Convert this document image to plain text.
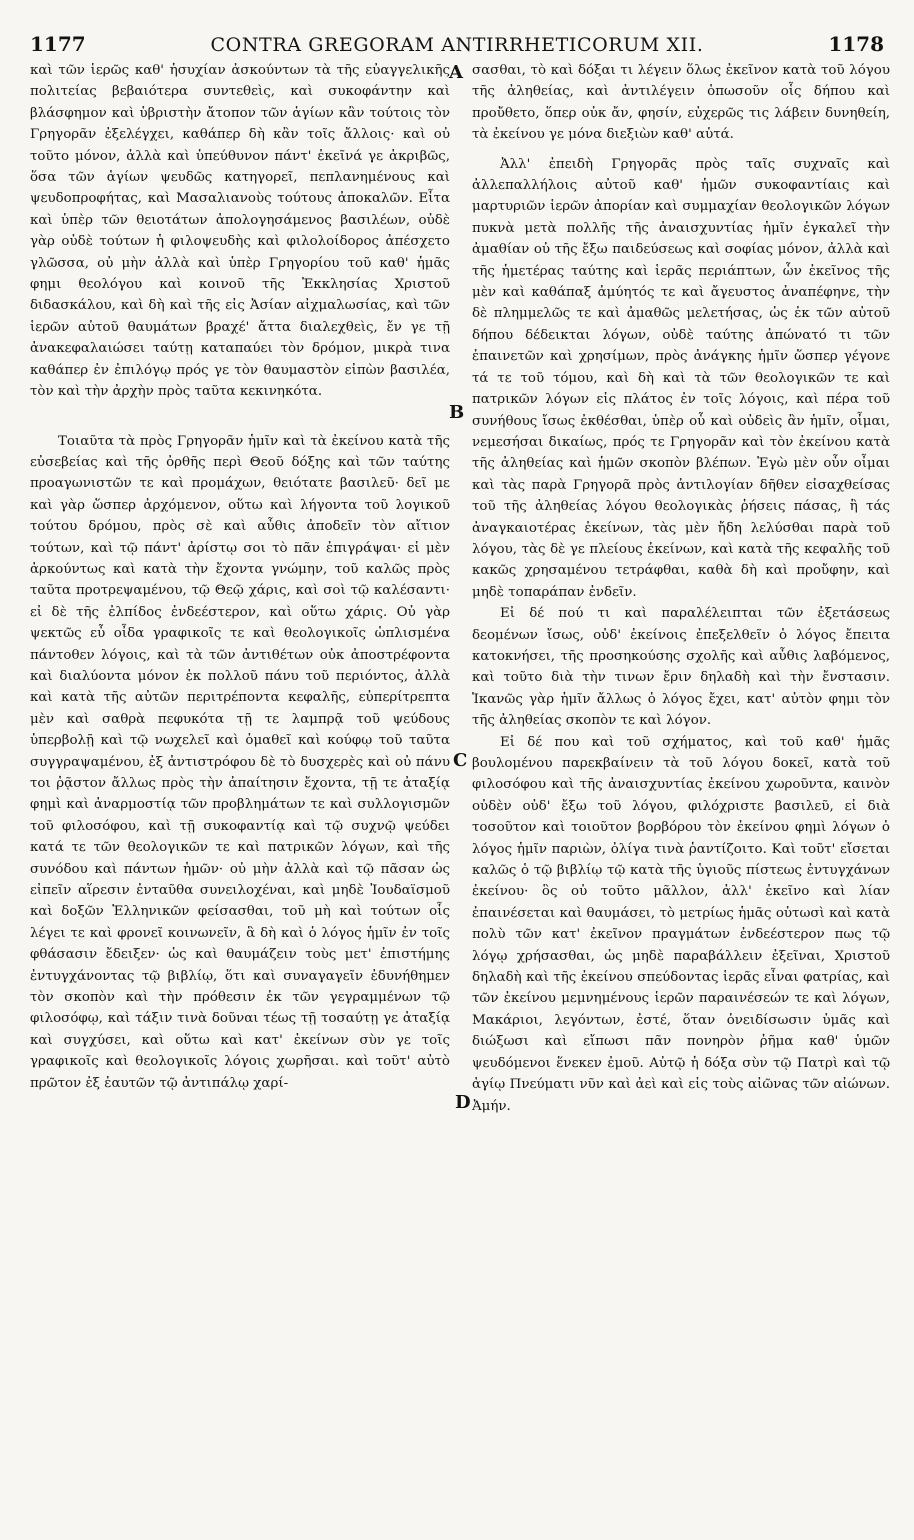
1177	CONTRA GREGORAM ANTIRRHETICORUM XII.	1178

καὶ τῶν ἱερῶς καθ' ἡσυχίαν ἀσκούντων τὰ τῆς εὐαγγελικῆς πολιτείας βεβαιότερα συντεθεὶς, καὶ συκοφάντην καὶ βλάσφημον καὶ ὑβριστὴν ἄτοπον τῶν ἁγίων κἂν τούτοις τὸν Γρηγορᾶν ἐξελέγχει, καθάπερ δὴ κἂν τοῖς ἄλλοις· καὶ οὐ τοῦτο μόνον, ἀλλὰ καὶ ὑπεύθυνον πάντ' ἐκεῖνά γε ἀκριβῶς, ὅσα τῶν ἁγίων ψευδῶς κατηγορεῖ, πεπλανημένους καὶ ψευδοπροφήτας, καὶ Μασαλιανοὺς τούτους ἀποκαλῶν. Εἶτα καὶ ὑπὲρ τῶν θειοτάτων ἀπολογησάμενος βασιλέων, οὐδὲ γὰρ οὐδὲ τούτων ἡ φιλοψευδὴς καὶ φιλολοίδορος ἀπέσχετο γλῶσσα, οὐ μὴν ἀλλὰ καὶ ὑπὲρ Γρηγορίου τοῦ καθ' ἡμᾶς φημι θεολόγου καὶ κοινοῦ τῆς Ἐκκλησίας Χριστοῦ διδασκάλου, καὶ δὴ καὶ τῆς εἰς Ἀσίαν αἰχμαλωσίας, καὶ τῶν ἱερῶν αὐτοῦ θαυμάτων βραχέ' ἄττα διαλεχθεὶς, ἔν γε τῇ ἀνακεφαλαιώσει ταύτῃ καταπαύει τὸν δρόμον, μικρὰ τινα καθάπερ ἐν ἐπιλόγῳ πρός γε τὸν θαυμαστὸν εἰπὼν βασιλέα, τὸν καὶ τὴν ἀρχὴν πρὸς ταῦτα κεκινηκότα.

Τοιαῦτα τὰ πρὸς Γρηγορᾶν ἡμῖν καὶ τὰ ἐκείνου κατὰ τῆς εὐσεβείας καὶ τῆς ὀρθῆς περὶ Θεοῦ δόξης καὶ τῶν ταύτης προαγωνιστῶν τε καὶ προμάχων, θειότατε βασιλεῦ· δεῖ με καὶ γὰρ ὥσπερ ἀρχόμενον, οὕτω καὶ λήγοντα τοῦ λογικοῦ τούτου δρόμου, πρὸς σὲ καὶ αὖθις ἀποδεῖν τὸν αἴτιον τούτων, καὶ τῷ πάντ' ἀρίστῳ σοι τὸ πᾶν ἐπιγράψαι· εἰ μὲν ἀρκούντως καὶ κατὰ τὴν ἔχοντα γνώμην, τοῦ καλῶς πρὸς ταῦτα προτρεψαμένου, τῷ Θεῷ χάρις, καὶ σοὶ τῷ καλέσαντι· εἰ δὲ τῆς ἐλπίδος ἐνδεέστερον, καὶ οὕτω χάρις. Οὐ γὰρ ψεκτῶς εὖ οἶδα γραφικοῖς τε καὶ θεολογικοῖς ὡπλισμένα πάντοθεν λόγοις, καὶ τὰ τῶν ἀντιθέτων οὐκ ἀποστρέφοντα καὶ διαλύοντα μόνον ἐκ πολλοῦ πάνυ τοῦ περιόντος, ἀλλὰ καὶ κατὰ τῆς αὐτῶν περιτρέποντα κεφαλῆς, εὐπερίτρεπτα μὲν καὶ σαθρὰ πεφυκότα τῇ τε λαμπρᾷ τοῦ ψεύδους ὑπερβολῇ καὶ τῷ νωχελεῖ καὶ ὀμαθεῖ καὶ κούφῳ τοῦ ταῦτα συγγραψαμένου, ἐξ ἀντιστρόφου δὲ τὸ δυσχερὲς καὶ οὐ πάνυ τοι ῥᾷστον ἄλλως πρὸς τὴν ἀπαίτησιν ἔχοντα, τῇ τε ἀταξίᾳ φημὶ καὶ ἀναρμοστίᾳ τῶν προβλημάτων τε καὶ συλλογισμῶν τοῦ φιλοσόφου, καὶ τῇ συκοφαντίᾳ καὶ τῷ συχνῷ ψεύδει κατά τε τῶν θεολογικῶν τε καὶ πατρικῶν λόγων, καὶ τῆς συνόδου καὶ πάντων ἡμῶν· οὐ μὴν ἀλλὰ καὶ τῷ πᾶσαν ὡς εἰπεῖν αἵρεσιν ἐνταῦθα συνειλοχέναι, καὶ μηδὲ Ἰουδαϊσμοῦ καὶ δοξῶν Ἑλληνικῶν φείσασθαι, τοῦ μὴ καὶ τούτων οἷς λέγει τε καὶ φρονεῖ κοινωνεῖν, ἃ δὴ καὶ ὁ λόγος ἡμῖν ἐν τοῖς φθάσασιν ἔδειξεν· ὡς καὶ θαυμάζειν τοὺς μετ' ἐπιστήμης ἐντυγχάνοντας τῷ βιβλίῳ, ὅτι καὶ συναγαγεῖν ἐδυνήθημεν τὸν σκοπὸν καὶ τὴν πρόθεσιν ἐκ τῶν γεγραμμένων τῷ φιλοσόφῳ, καὶ τάξιν τινὰ δοῦναι τέως τῇ τοσαύτῃ γε ἀταξίᾳ καὶ συγχύσει, καὶ οὕτω καὶ κατ' ἐκείνων σὺν γε τοῖς γραφικοῖς καὶ θεολογικοῖς λόγοις χωρῆσαι. καὶ τοῦτ' αὐτὸ πρῶτον ἐξ ἑαυτῶν τῷ ἀντιπάλῳ χαρί-

A
B
C
D

σασθαι, τὸ καὶ δόξαι τι λέγειν ὅλως ἐκεῖνον κατὰ τοῦ λόγου τῆς ἀληθείας, καὶ ἀντιλέγειν ὁπωσοῦν οἷς δήπου καὶ προὔθετο, ὅπερ οὐκ ἄν, φησίν, εὐχερῶς τις λάβειν δυνηθείη, τὰ ἐκείνου γε μόνα διεξιὼν καθ' αὑτά.

Ἀλλ' ἐπειδὴ Γρηγορᾶς πρὸς ταῖς συχναῖς καὶ ἀλλεπαλλήλοις αὐτοῦ καθ' ἡμῶν συκοφαντίαις καὶ μαρτυριῶν ἱερῶν ἀπορίαν καὶ συμμαχίαν θεολογικῶν λόγων πυκνὰ μετὰ πολλῆς τῆς ἀναισχυντίας ἡμῖν ἐγκαλεῖ τὴν ἀμαθίαν οὐ τῆς ἔξω παιδεύσεως καὶ σοφίας μόνον, ἀλλὰ καὶ τῆς ἡμετέρας ταύτης καὶ ἱερᾶς περιάπτων, ὧν ἐκεῖνος τῆς μὲν καὶ καθάπαξ ἀμύητός τε καὶ ἄγευστος ἀναπέφηνε, τὴν δὲ πλημμελῶς τε καὶ ἀμαθῶς μελετήσας, ὡς ἐκ τῶν αὐτοῦ δήπου δέδεικται λόγων, οὐδὲ ταύτης ἀπώνατό τι τῶν ἐπαινετῶν καὶ χρησίμων, πρὸς ἀνάγκης ἡμῖν ὥσπερ γέγονε τά τε τοῦ τόμου, καὶ δὴ καὶ τὰ τῶν θεολογικῶν τε καὶ πατρικῶν λόγων εἰς πλάτος ἐν τοῖς λόγοις, καὶ πέρα τοῦ συνήθους ἴσως ἐκθέσθαι, ὑπὲρ οὗ καὶ οὐδεὶς ἂν ἡμῖν, οἶμαι, νεμεσήσαι δικαίως, πρός τε Γρηγορᾶν καὶ τὸν ἐκείνου κατὰ τῆς ἀληθείας καὶ ἡμῶν σκοπὸν βλέπων. Ἐγὼ μὲν οὖν οἶμαι καὶ τὰς παρὰ Γρηγορᾶ πρὸς ἀντιλογίαν δῆθεν εἰσαχθείσας τοῦ τῆς ἀληθείας λόγου θεολογικὰς ῥήσεις πάσας, ἢ τάς ἀναγκαιοτέρας ἐκείνων, τὰς μὲν ἤδη λελύσθαι παρὰ τοῦ λόγου, τὰς δὲ γε πλείους ἐκείνων, καὶ κατὰ τῆς κεφαλῆς τοῦ κακῶς χρησαμένου τετράφθαι, καθὰ δὴ καὶ προὔφην, καὶ μηδὲ τοπαράπαν ἐνδεῖν.

Εἰ δέ πού τι καὶ παραλέλειπται τῶν ἐξετάσεως δεομένων ἴσως, οὐδ' ἐκείνοις ἐπεξελθεῖν ὁ λόγος ἔπειτα κατοκνήσει, τῆς προσηκούσης σχολῆς καὶ αὖθις λαβόμενος, καὶ τοῦτο διὰ τὴν τινων ἔριν δηλαδὴ καὶ τὴν ἔνστασιν. Ἱκανῶς γὰρ ἡμῖν ἄλλως ὁ λόγος ἔχει, κατ' αὐτὸν φημι τὸν τῆς ἀληθείας σκοπὸν τε καὶ λόγον.

Εἰ δέ που καὶ τοῦ σχήματος, καὶ τοῦ καθ' ἡμᾶς βουλομένου παρεκβαίνειν τὰ τοῦ λόγου δοκεῖ, κατὰ τοῦ φιλοσόφου καὶ τῆς ἀναισχυντίας ἐκείνου χωροῦντα, καινὸν οὐδὲν οὐδ' ἔξω τοῦ λόγου, φιλόχριστε βασιλεῦ, εἰ διὰ τοσοῦτον καὶ τοιοῦτον βορβόρου τὸν ἐκείνου φημὶ λόγων ὁ λόγος ἡμῖν παριὼν, ὀλίγα τινὰ ῥαντίζοιτο. Καὶ τοῦτ' εἴσεται καλῶς ὁ τῷ βιβλίῳ τῷ κατὰ τῆς ὑγιοῦς πίστεως ἐντυγχάνων ἐκείνου· ὃς οὐ τοῦτο μᾶλλον, ἀλλ' ἐκεῖνο καὶ λίαν ἐπαινέσεται καὶ θαυμάσει, τὸ μετρίως ἡμᾶς οὑτωσὶ καὶ κατὰ πολὺ τῶν κατ' ἐκεῖνον πραγμάτων ἐνδεέστερον πως τῷ λόγῳ χρήσασθαι, ὡς μηδὲ παραβάλλειν ἐξεῖναι, Χριστοῦ δηλαδὴ καὶ τῆς ἐκείνου σπεύδοντας ἱερᾶς εἶναι φατρίας, καὶ τῶν ἐκείνου μεμνημένους ἱερῶν παραινέσεών τε καὶ λόγων, Μακάριοι, λεγόντων, ἐστέ, ὅταν ὀνειδίσωσιν ὑμᾶς καὶ διώξωσι καὶ εἴπωσι πᾶν πονηρὸν ῥῆμα καθ' ὑμῶν ψευδόμενοι ἕνεκεν ἐμοῦ. Αὐτῷ ἡ δόξα σὺν τῷ Πατρὶ καὶ τῷ ἁγίῳ Πνεύματι νῦν καὶ ἀεὶ καὶ εἰς τοὺς αἰῶνας τῶν αἰώνων. Ἀμήν.
